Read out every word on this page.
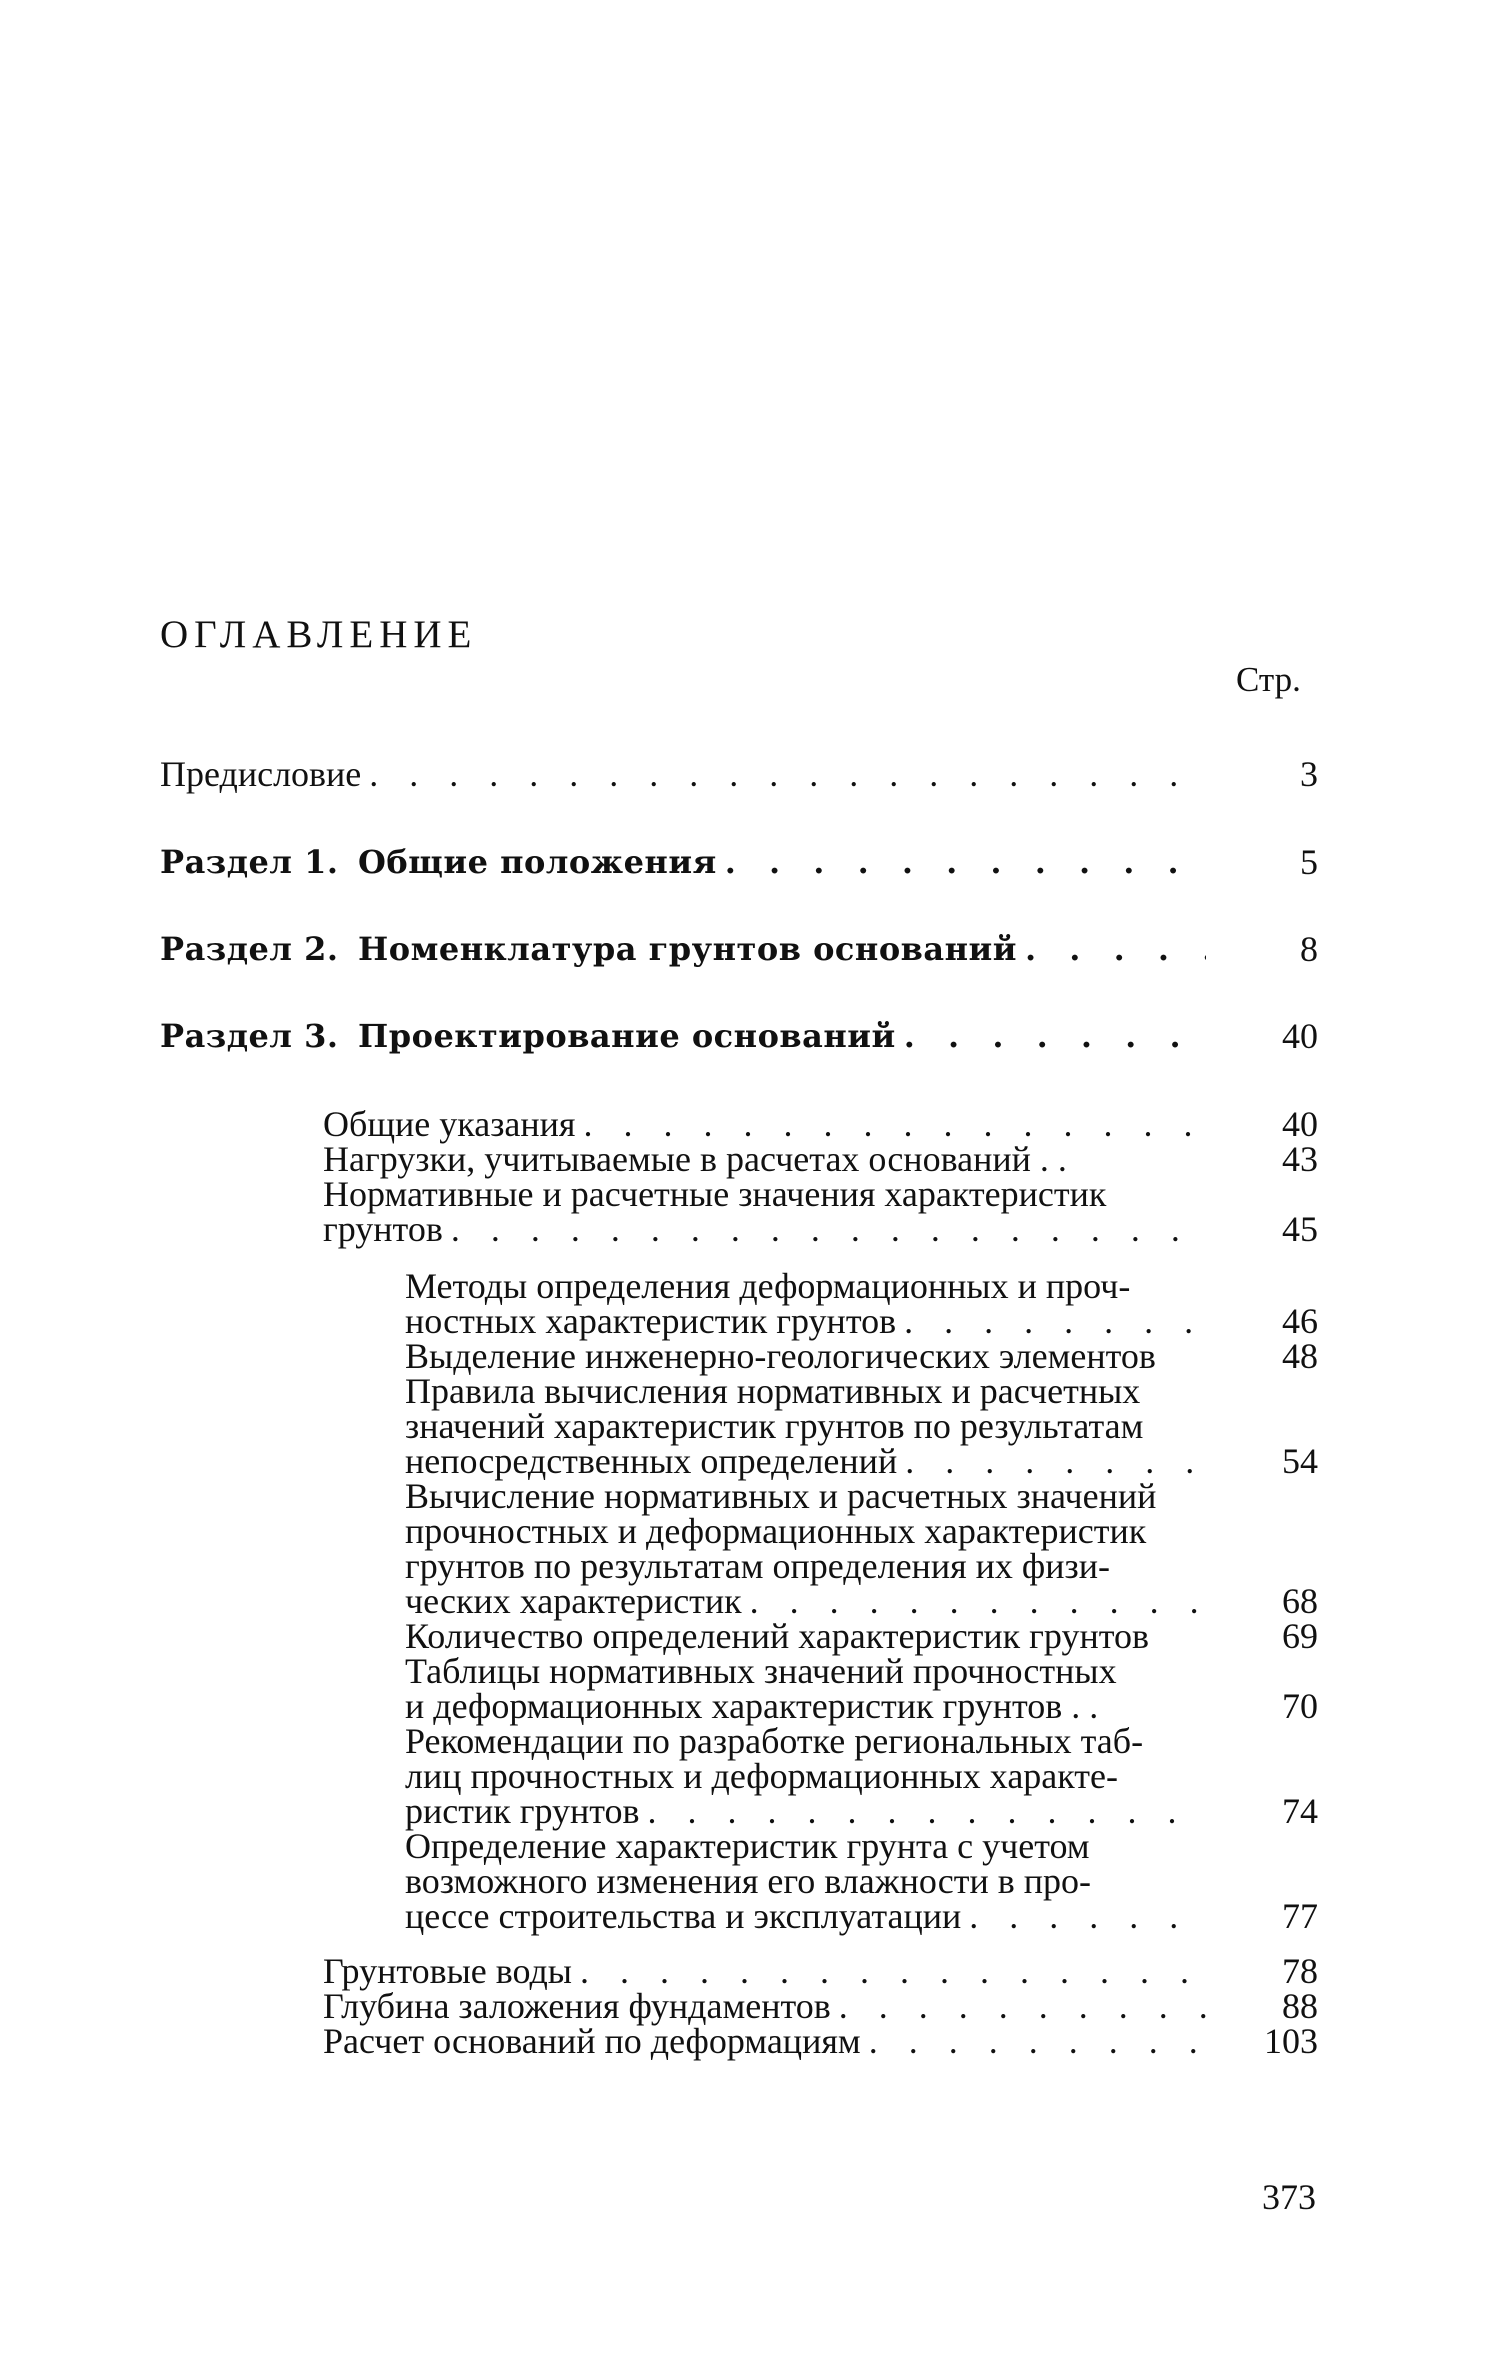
ОГЛАВЛЕНИЕ
Стр.
Предисловие . . .	3
Раздел 1. Общие положения . . .	5
Раздел 2. Номенклатура грунтов оснований . . .	8
Раздел 3. Проектирование оснований . . .	40
Общие указания . . .	40
Нагрузки, учитываемые в расчетах оснований . .	43
Нормативные и расчетные значения характеристик
грунтов . . .	45
Методы определения деформационных и проч-
ностных характеристик грунтов . . .	46
Выделение инженерно-геологических элементов	48
Правила вычисления нормативных и расчетных
значений характеристик грунтов по результатам
непосредственных определений . . .	54
Вычисление нормативных и расчетных значений
прочностных и деформационных характеристик
грунтов по результатам определения их физи-
ческих характеристик . . .	68
Количество определений характеристик грунтов	69
Таблицы нормативных значений прочностных
и деформационных характеристик грунтов . .	70
Рекомендации по разработке региональных таб-
лиц прочностных и деформационных характе-
ристик грунтов . . .	74
Определение характеристик грунта с учетом
возможного изменения его влажности в про-
цессе строительства и эксплуатации . . .	77
Грунтовые воды . . .	78
Глубина заложения фундаментов . . .	88
Расчет оснований по деформациям . . .	103
373
